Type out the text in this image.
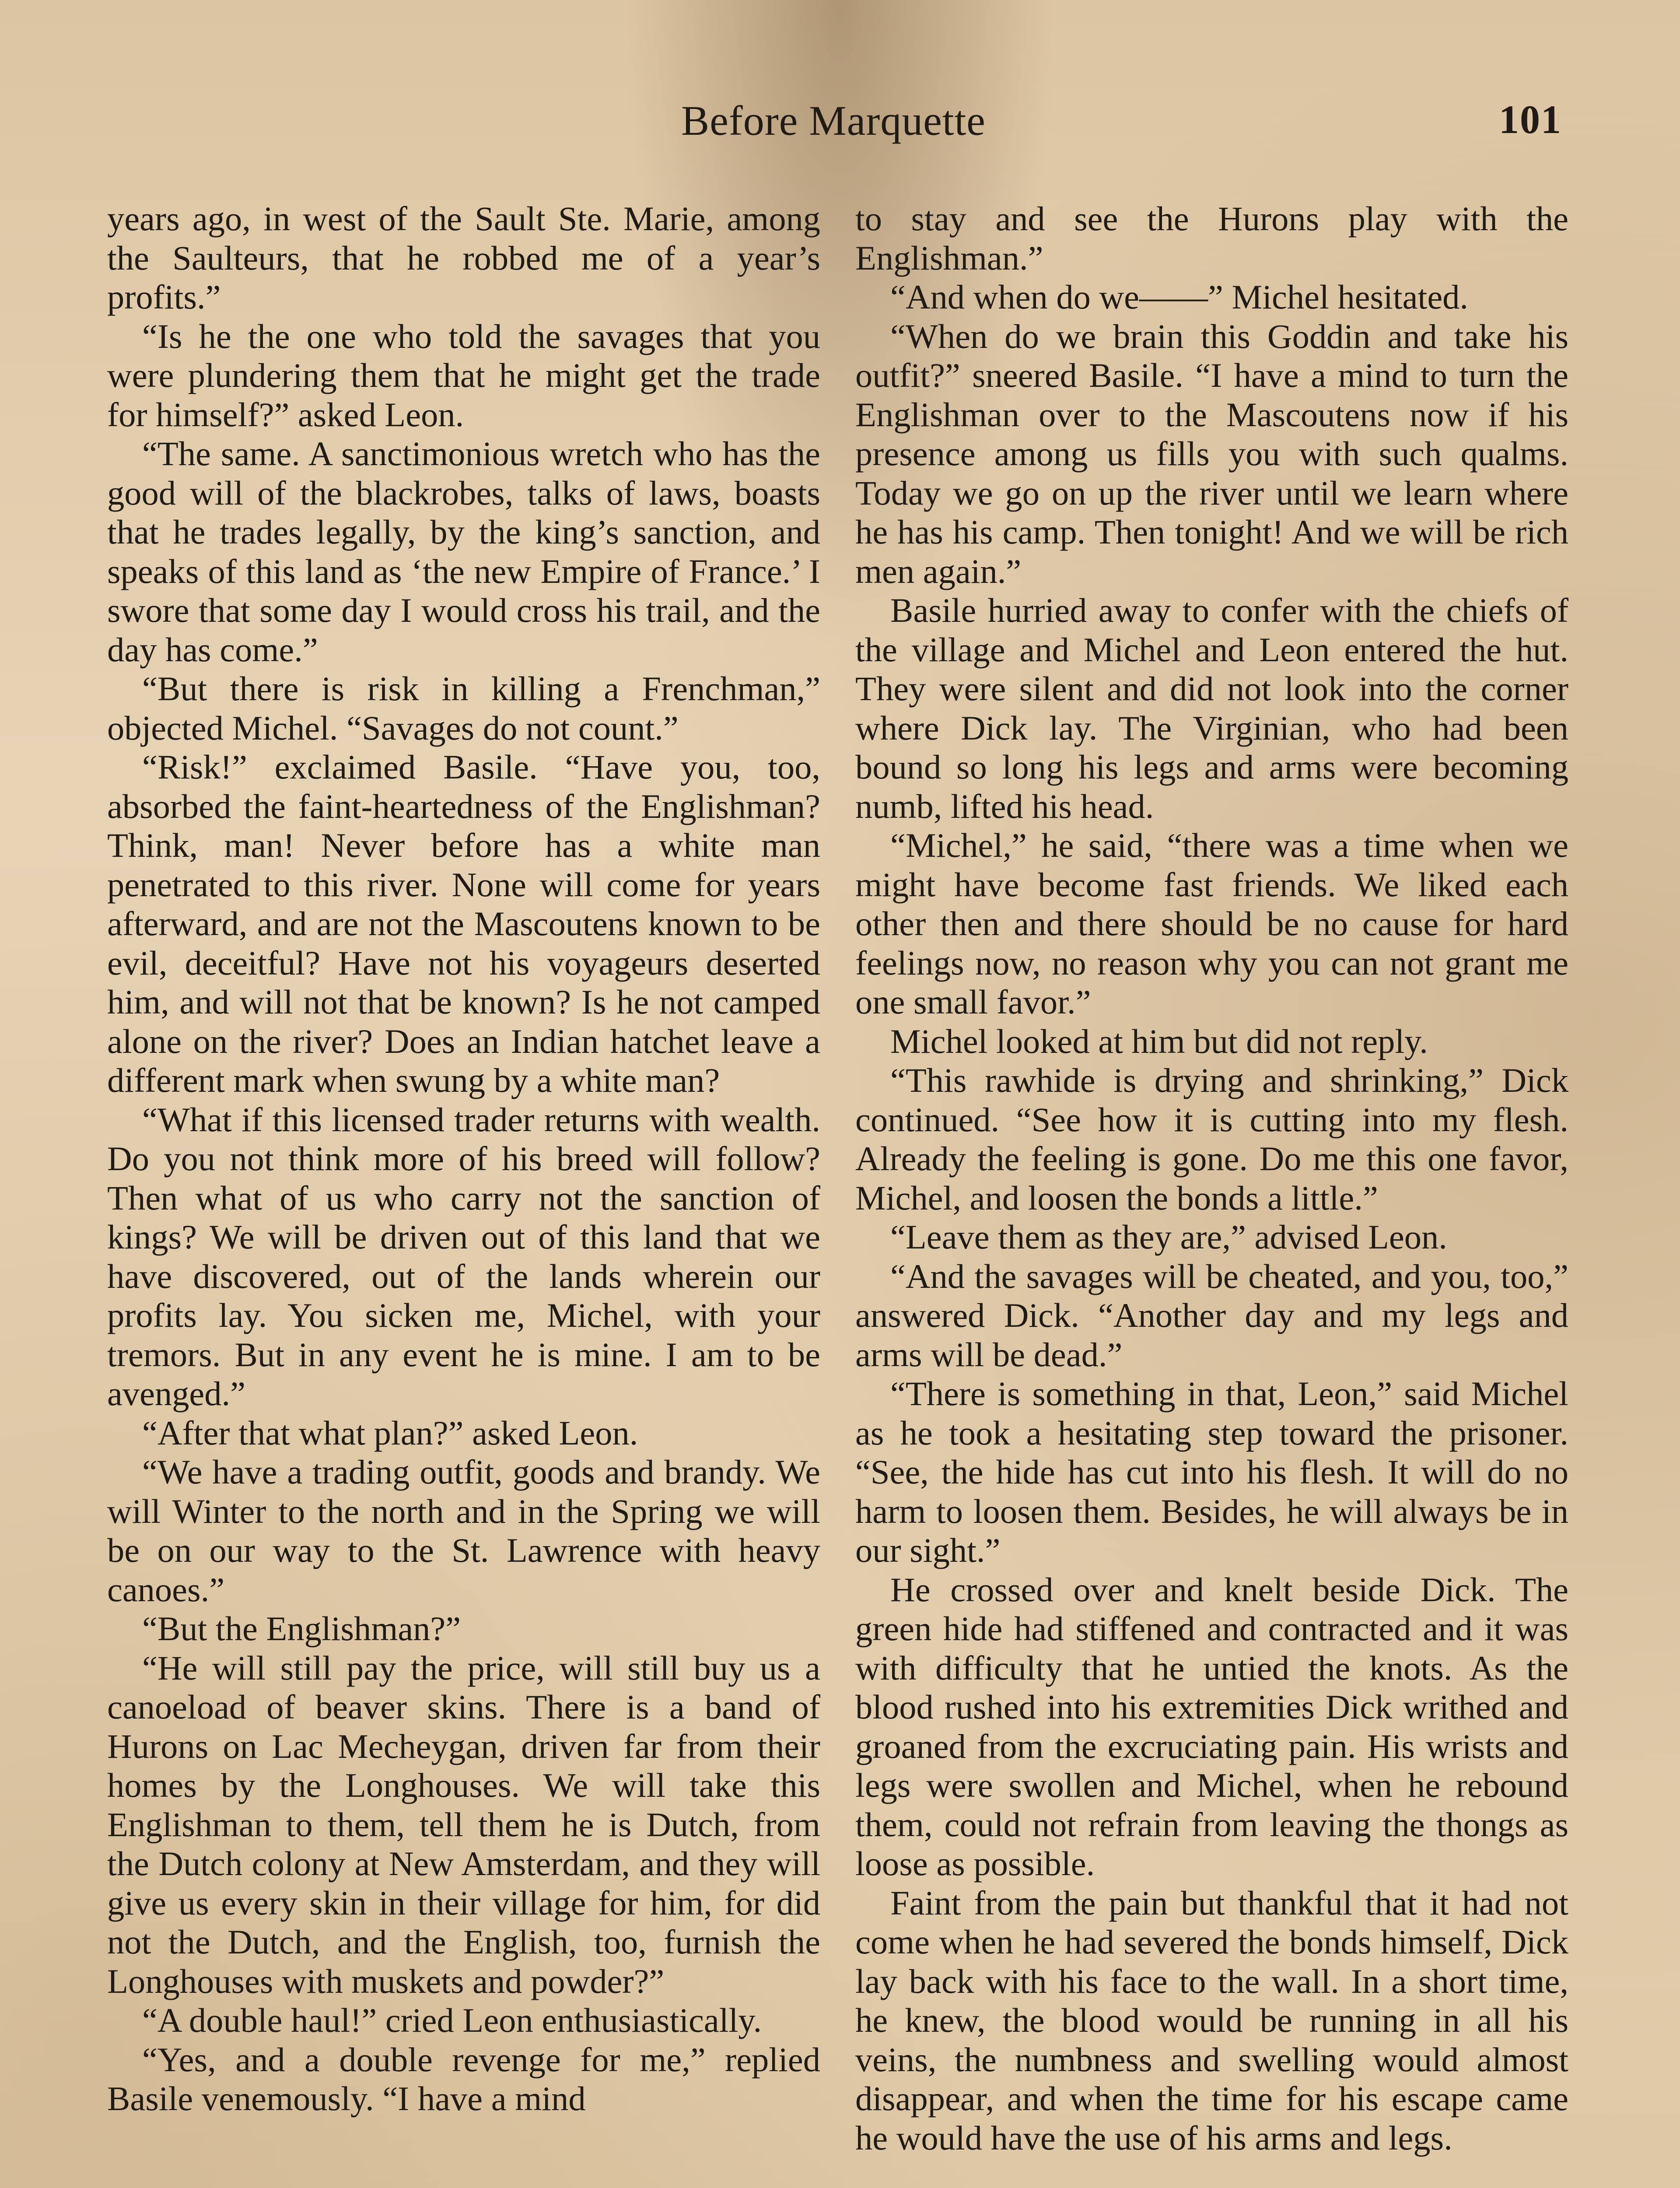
Before Marquette	101

years ago, in west of the Sault Ste. Marie, among the Saulteurs, that he robbed me of a year’s profits.”

“Is he the one who told the savages that you were plundering them that he might get the trade for himself?” asked Leon.

“The same. A sanctimonious wretch who has the good will of the blackrobes, talks of laws, boasts that he trades legally, by the king’s sanction, and speaks of this land as ‘the new Empire of France.’ I swore that some day I would cross his trail, and the day has come.”

“But there is risk in killing a Frenchman,” objected Michel. “Savages do not count.”

“Risk!” exclaimed Basile. “Have you, too, absorbed the faint-heartedness of the Englishman? Think, man! Never before has a white man penetrated to this river. None will come for years afterward, and are not the Mascoutens known to be evil, deceitful? Have not his voyageurs deserted him, and will not that be known? Is he not camped alone on the river? Does an Indian hatchet leave a different mark when swung by a white man?

“What if this licensed trader returns with wealth. Do you not think more of his breed will follow? Then what of us who carry not the sanction of kings? We will be driven out of this land that we have discovered, out of the lands wherein our profits lay. You sicken me, Michel, with your tremors. But in any event he is mine. I am to be avenged.”

“After that what plan?” asked Leon.

“We have a trading outfit, goods and brandy. We will Winter to the north and in the Spring we will be on our way to the St. Lawrence with heavy canoes.”

“But the Englishman?”

“He will still pay the price, will still buy us a canoeload of beaver skins. There is a band of Hurons on Lac Mecheygan, driven far from their homes by the Longhouses. We will take this Englishman to them, tell them he is Dutch, from the Dutch colony at New Amsterdam, and they will give us every skin in their village for him, for did not the Dutch, and the English, too, furnish the Longhouses with muskets and powder?”

“A double haul!” cried Leon enthusiastically.

“Yes, and a double revenge for me,” replied Basile venemously. “I have a mind

to stay and see the Hurons play with the Englishman.”

“And when do we——” Michel hesitated.

“When do we brain this Goddin and take his outfit?” sneered Basile. “I have a mind to turn the Englishman over to the Mascoutens now if his presence among us fills you with such qualms. Today we go on up the river until we learn where he has his camp. Then tonight! And we will be rich men again.”

Basile hurried away to confer with the chiefs of the village and Michel and Leon entered the hut. They were silent and did not look into the corner where Dick lay. The Virginian, who had been bound so long his legs and arms were becoming numb, lifted his head.

“Michel,” he said, “there was a time when we might have become fast friends. We liked each other then and there should be no cause for hard feelings now, no reason why you can not grant me one small favor.”

Michel looked at him but did not reply.

“This rawhide is drying and shrinking,” Dick continued. “See how it is cutting into my flesh. Already the feeling is gone. Do me this one favor, Michel, and loosen the bonds a little.”

“Leave them as they are,” advised Leon.

“And the savages will be cheated, and you, too,” answered Dick. “Another day and my legs and arms will be dead.”

“There is something in that, Leon,” said Michel as he took a hesitating step toward the prisoner. “See, the hide has cut into his flesh. It will do no harm to loosen them. Besides, he will always be in our sight.”

He crossed over and knelt beside Dick. The green hide had stiffened and contracted and it was with difficulty that he untied the knots. As the blood rushed into his extremities Dick writhed and groaned from the excruciating pain. His wrists and legs were swollen and Michel, when he rebound them, could not refrain from leaving the thongs as loose as possible.

Faint from the pain but thankful that it had not come when he had severed the bonds himself, Dick lay back with his face to the wall. In a short time, he knew, the blood would be running in all his veins, the numbness and swelling would almost disappear, and when the time for his escape came he would have the use of his arms and legs.
